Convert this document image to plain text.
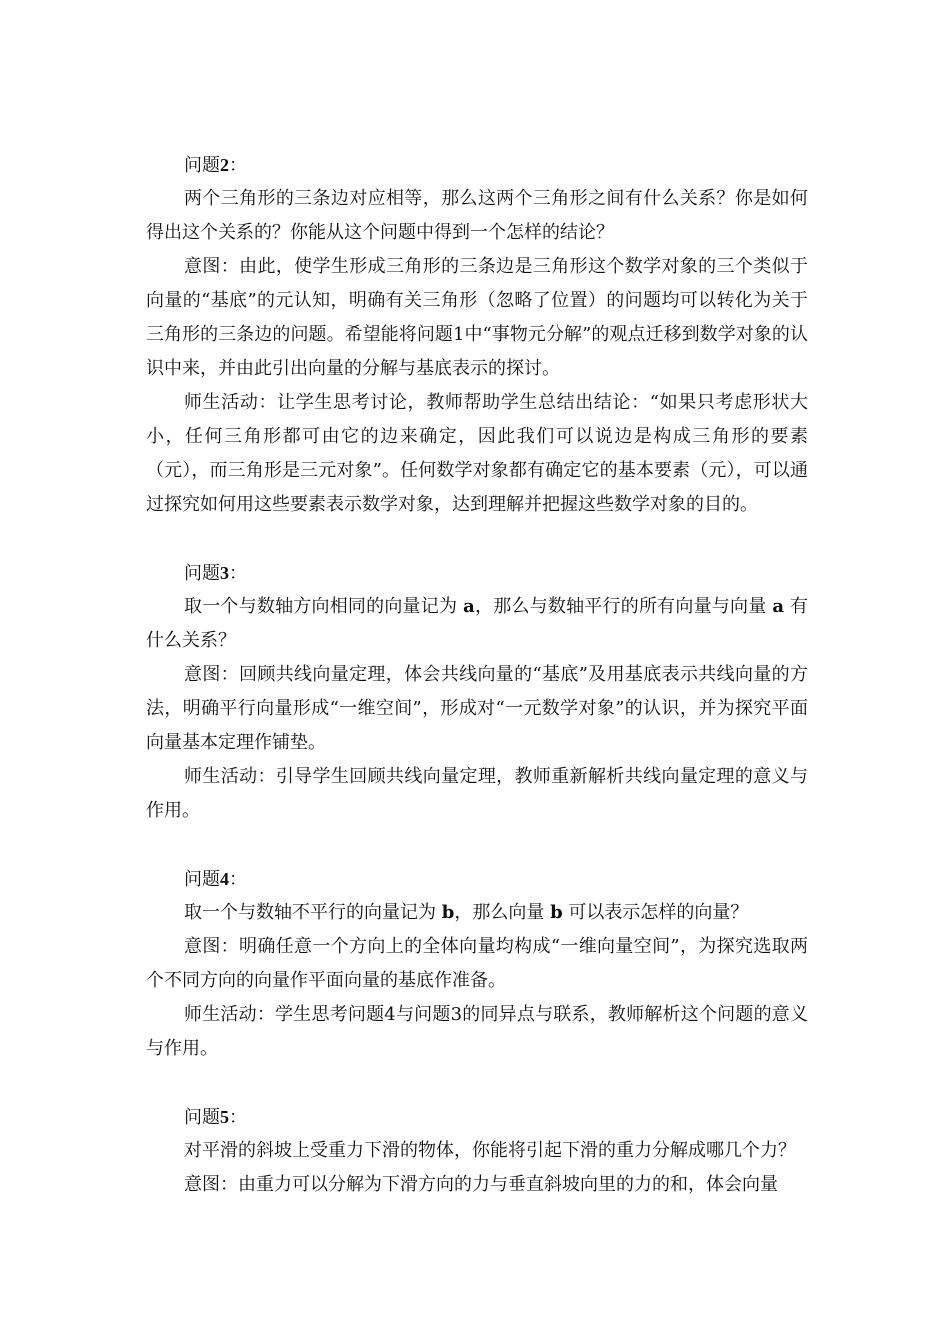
问题2：

两个三角形的三条边对应相等，那么这两个三角形之间有什么关系？你是如何得出这个关系的？你能从这个问题中得到一个怎样的结论？

意图：由此，使学生形成三角形的三条边是三角形这个数学对象的三个类似于向量的“基底”的元认知，明确有关三角形（忽略了位置）的问题均可以转化为关于三角形的三条边的问题。希望能将问题1中“事物元分解”的观点迁移到数学对象的认识中来，并由此引出向量的分解与基底表示的探讨。

师生活动：让学生思考讨论，教师帮助学生总结出结论：“如果只考虑形状大小，任何三角形都可由它的边来确定，因此我们可以说边是构成三角形的要素（元），而三角形是三元对象”。任何数学对象都有确定它的基本要素（元），可以通过探究如何用这些要素表示数学对象，达到理解并把握这些数学对象的目的。

问题3：

取一个与数轴方向相同的向量记为 a，那么与数轴平行的所有向量与向量 a 有什么关系？

意图：回顾共线向量定理，体会共线向量的“基底”及用基底表示共线向量的方法，明确平行向量形成“一维空间”，形成对“一元数学对象”的认识，并为探究平面向量基本定理作铺垫。

师生活动：引导学生回顾共线向量定理，教师重新解析共线向量定理的意义与作用。

问题4：

取一个与数轴不平行的向量记为 b，那么向量 b 可以表示怎样的向量？

意图：明确任意一个方向上的全体向量均构成“一维向量空间”，为探究选取两个不同方向的向量作平面向量的基底作准备。

师生活动：学生思考问题4与问题3的同异点与联系，教师解析这个问题的意义与作用。

问题5：

对平滑的斜坡上受重力下滑的物体，你能将引起下滑的重力分解成哪几个力？

意图：由重力可以分解为下滑方向的力与垂直斜坡向里的力的和，体会向量
